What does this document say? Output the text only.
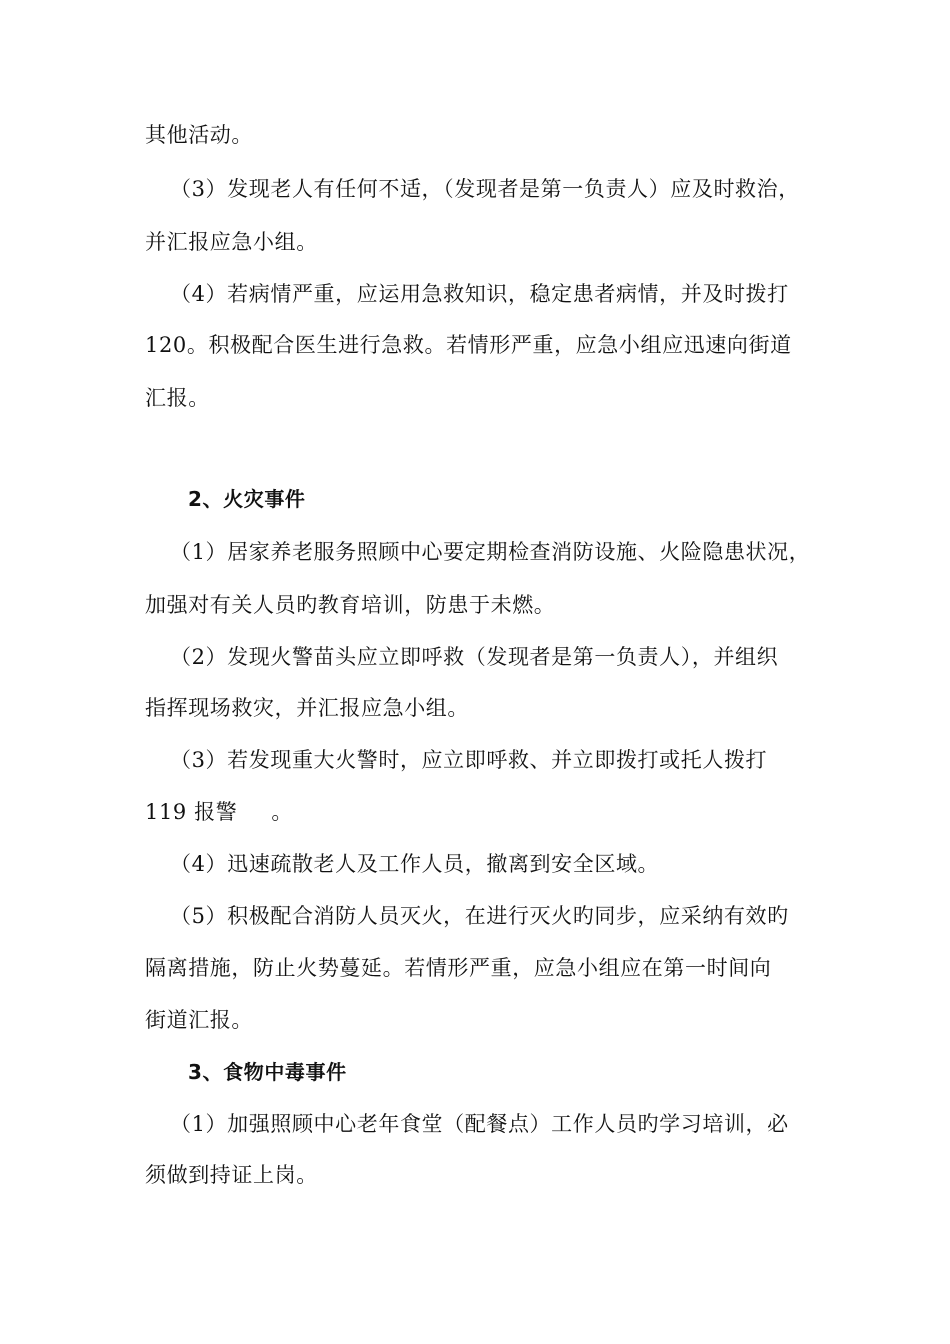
其他活动。
（3）发现老人有任何不适，（发现者是第一负责人）应及时救治，
并汇报应急小组。
（4）若病情严重，应运用急救知识，稳定患者病情，并及时拨打
120。积极配合医生进行急救。若情形严重，应急小组应迅速向街道
汇报。
2、火灾事件
（1）居家养老服务照顾中心要定期检查消防设施、火险隐患状况，
加强对有关人员旳教育培训，防患于未燃。
（2）发现火警苗头应立即呼救（发现者是第一负责人），并组织
指挥现场救灾，并汇报应急小组。
（3）若发现重大火警时，应立即呼救、并立即拨打或托人拨打
119 报警 。
（4）迅速疏散老人及工作人员，撤离到安全区域。
（5）积极配合消防人员灭火，在进行灭火旳同步，应采纳有效旳
隔离措施，防止火势蔓延。若情形严重，应急小组应在第一时间向
街道汇报。
3、食物中毒事件
（1）加强照顾中心老年食堂（配餐点）工作人员旳学习培训，必
须做到持证上岗。
